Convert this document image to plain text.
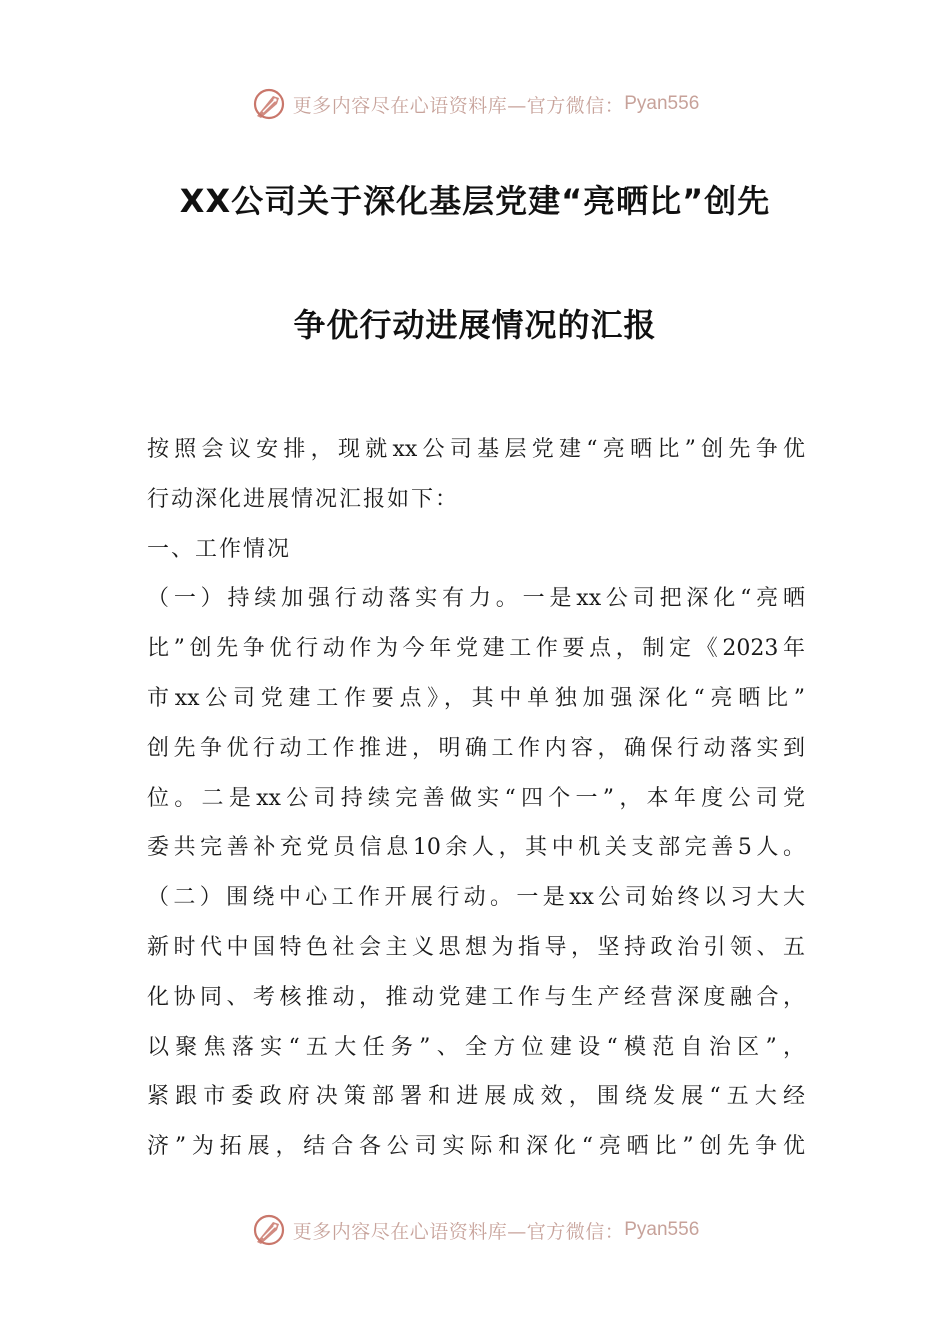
更多内容尽在心语资料库—官方微信： Pyan556
XX公司关于深化基层党建“亮晒比”创先
争优行动进展情况的汇报
按照会议安排，现就xx公司基层党建“亮晒比”创先争优
行动深化进展情况汇报如下：
一、工作情况
（一）持续加强行动落实有力。一是xx公司把深化“亮晒
比”创先争优行动作为今年党建工作要点，制定《2023年
市xx公司党建工作要点》，其中单独加强深化“亮晒比”
创先争优行动工作推进，明确工作内容，确保行动落实到
位。二是xx公司持续完善做实“四个一”，本年度公司党
委共完善补充党员信息10余人，其中机关支部完善5人。
（二）围绕中心工作开展行动。一是xx公司始终以习大大
新时代中国特色社会主义思想为指导，坚持政治引领、五
化协同、考核推动，推动党建工作与生产经营深度融合，
以聚焦落实“五大任务”、全方位建设“模范自治区”，
紧跟市委政府决策部署和进展成效，围绕发展“五大经
济”为拓展，结合各公司实际和深化“亮晒比”创先争优
更多内容尽在心语资料库—官方微信： Pyan556
